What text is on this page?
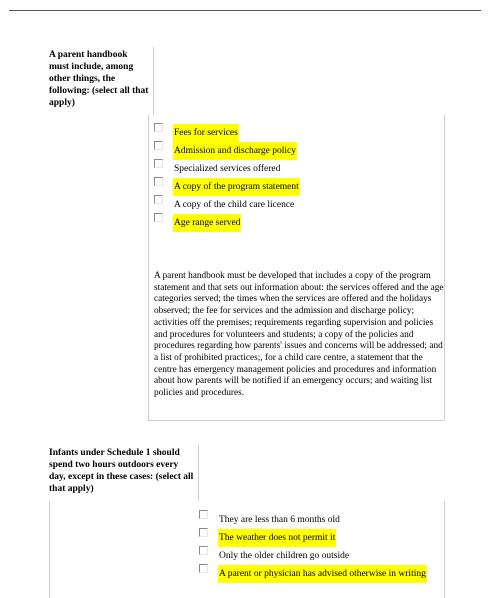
A parent handbook must include, among other things, the following: (select all that apply)
Fees for services
Admission and discharge policy
Specialized services offered
A copy of the program statement
A copy of the child care licence
Age range served
A parent handbook must be developed that includes a copy of the program statement and that sets out information about: the services offered and the age categories served; the times when the services are offered and the holidays observed; the fee for services and the admission and discharge policy; activities off the premises; requirements regarding supervision and policies and procedures for volunteers and students; a copy of the policies and procedures regarding how parents' issues and concerns will be addressed; and a list of prohibited practices;, for a child care centre, a statement that the centre has emergency management policies and procedures and information about how parents will be notified if an emergency occurs; and waiting list policies and procedures.
Infants under Schedule 1 should spend two hours outdoors every day, except in these cases: (select all that apply)
They are less than 6 months old
The weather does not permit it
Only the older children go outside
A parent or physician has advised otherwise in writing
